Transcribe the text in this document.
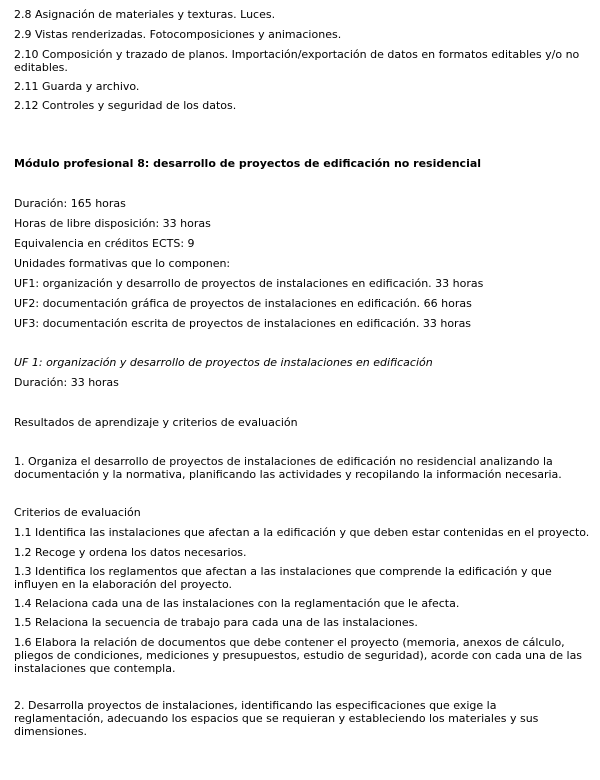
2.8 Asignación de materiales y texturas. Luces.
2.9 Vistas renderizadas. Fotocomposiciones y animaciones.
2.10 Composición y trazado de planos. Importación/exportación de datos en formatos editables y/o no editables.
2.11 Guarda y archivo.
2.12 Controles y seguridad de los datos.
Módulo profesional 8: desarrollo de proyectos de edificación no residencial
Duración: 165 horas
Horas de libre disposición: 33 horas
Equivalencia en créditos ECTS: 9
Unidades formativas que lo componen:
UF1: organización y desarrollo de proyectos de instalaciones en edificación. 33 horas
UF2: documentación gráfica de proyectos de instalaciones en edificación. 66 horas
UF3: documentación escrita de proyectos de instalaciones en edificación. 33 horas
UF 1: organización y desarrollo de proyectos de instalaciones en edificación
Duración: 33 horas
Resultados de aprendizaje y criterios de evaluación
1. Organiza el desarrollo de proyectos de instalaciones de edificación no residencial analizando la documentación y la normativa, planificando las actividades y recopilando la información necesaria.
Criterios de evaluación
1.1 Identifica las instalaciones que afectan a la edificación y que deben estar contenidas en el proyecto.
1.2 Recoge y ordena los datos necesarios.
1.3 Identifica los reglamentos que afectan a las instalaciones que comprende la edificación y que influyen en la elaboración del proyecto.
1.4 Relaciona cada una de las instalaciones con la reglamentación que le afecta.
1.5 Relaciona la secuencia de trabajo para cada una de las instalaciones.
1.6 Elabora la relación de documentos que debe contener el proyecto (memoria, anexos de cálculo, pliegos de condiciones, mediciones y presupuestos, estudio de seguridad), acorde con cada una de las instalaciones que contempla.
2. Desarrolla proyectos de instalaciones, identificando las especificaciones que exige la reglamentación, adecuando los espacios que se requieran y estableciendo los materiales y sus dimensiones.
